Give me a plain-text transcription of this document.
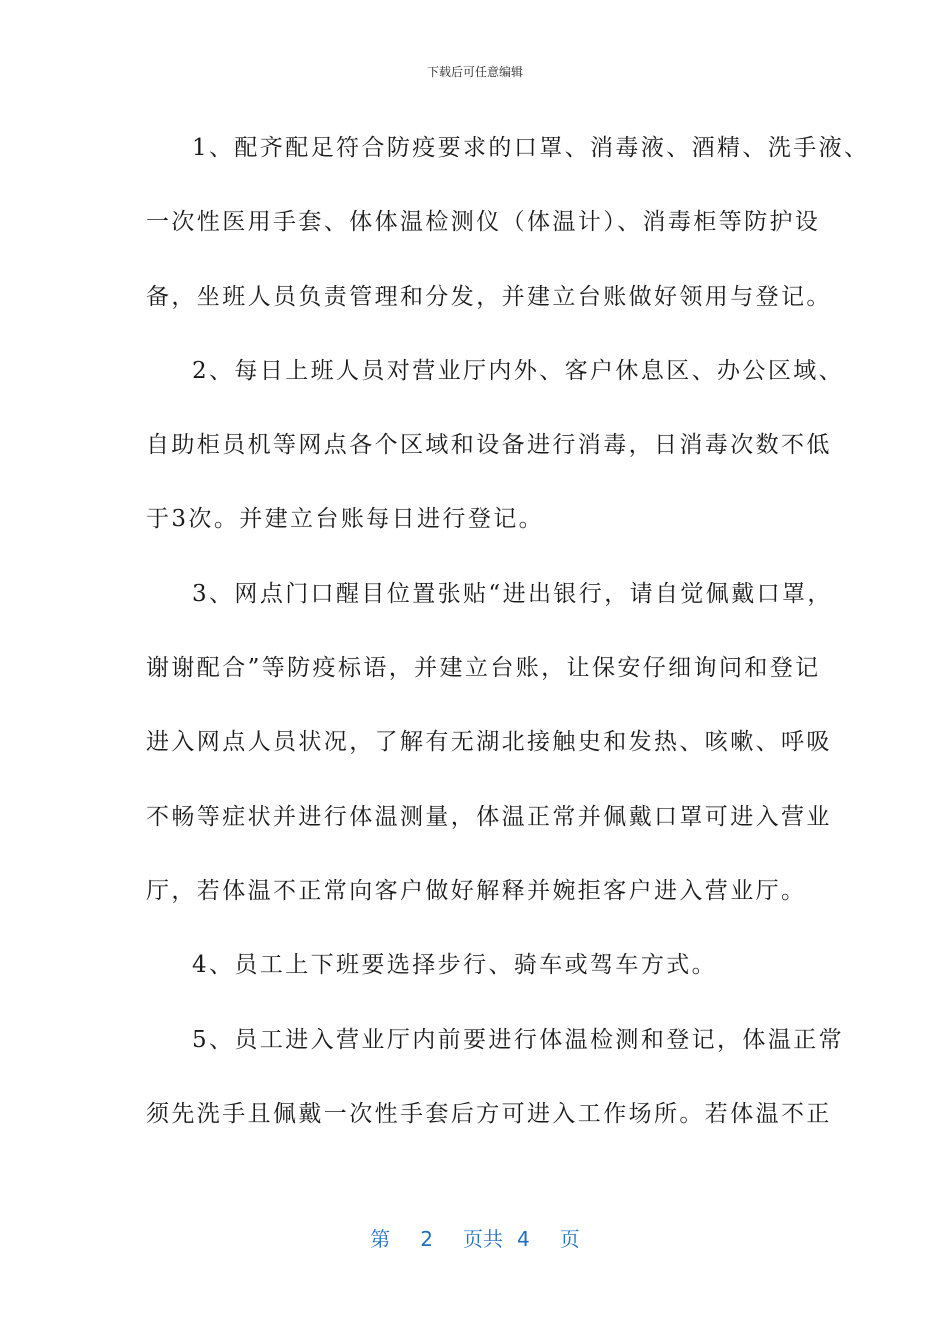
下载后可任意编辑
1、配齐配足符合防疫要求的口罩、消毒液、酒精、洗手液、
一次性医用手套、体体温检测仪（体温计）、消毒柜等防护设
备，坐班人员负责管理和分发，并建立台账做好领用与登记。
2、每日上班人员对营业厅内外、客户休息区、办公区域、
自助柜员机等网点各个区域和设备进行消毒，日消毒次数不低
于3次。并建立台账每日进行登记。
3、网点门口醒目位置张贴“进出银行，请自觉佩戴口罩，
谢谢配合”等防疫标语，并建立台账，让保安仔细询问和登记
进入网点人员状况，了解有无湖北接触史和发热、咳嗽、呼吸
不畅等症状并进行体温测量，体温正常并佩戴口罩可进入营业
厅，若体温不正常向客户做好解释并婉拒客户进入营业厅。
4、员工上下班要选择步行、骑车或驾车方式。
5、员工进入营业厅内前要进行体温检测和登记，体温正常
须先洗手且佩戴一次性手套后方可进入工作场所。若体温不正
第 2 页共 4 页
